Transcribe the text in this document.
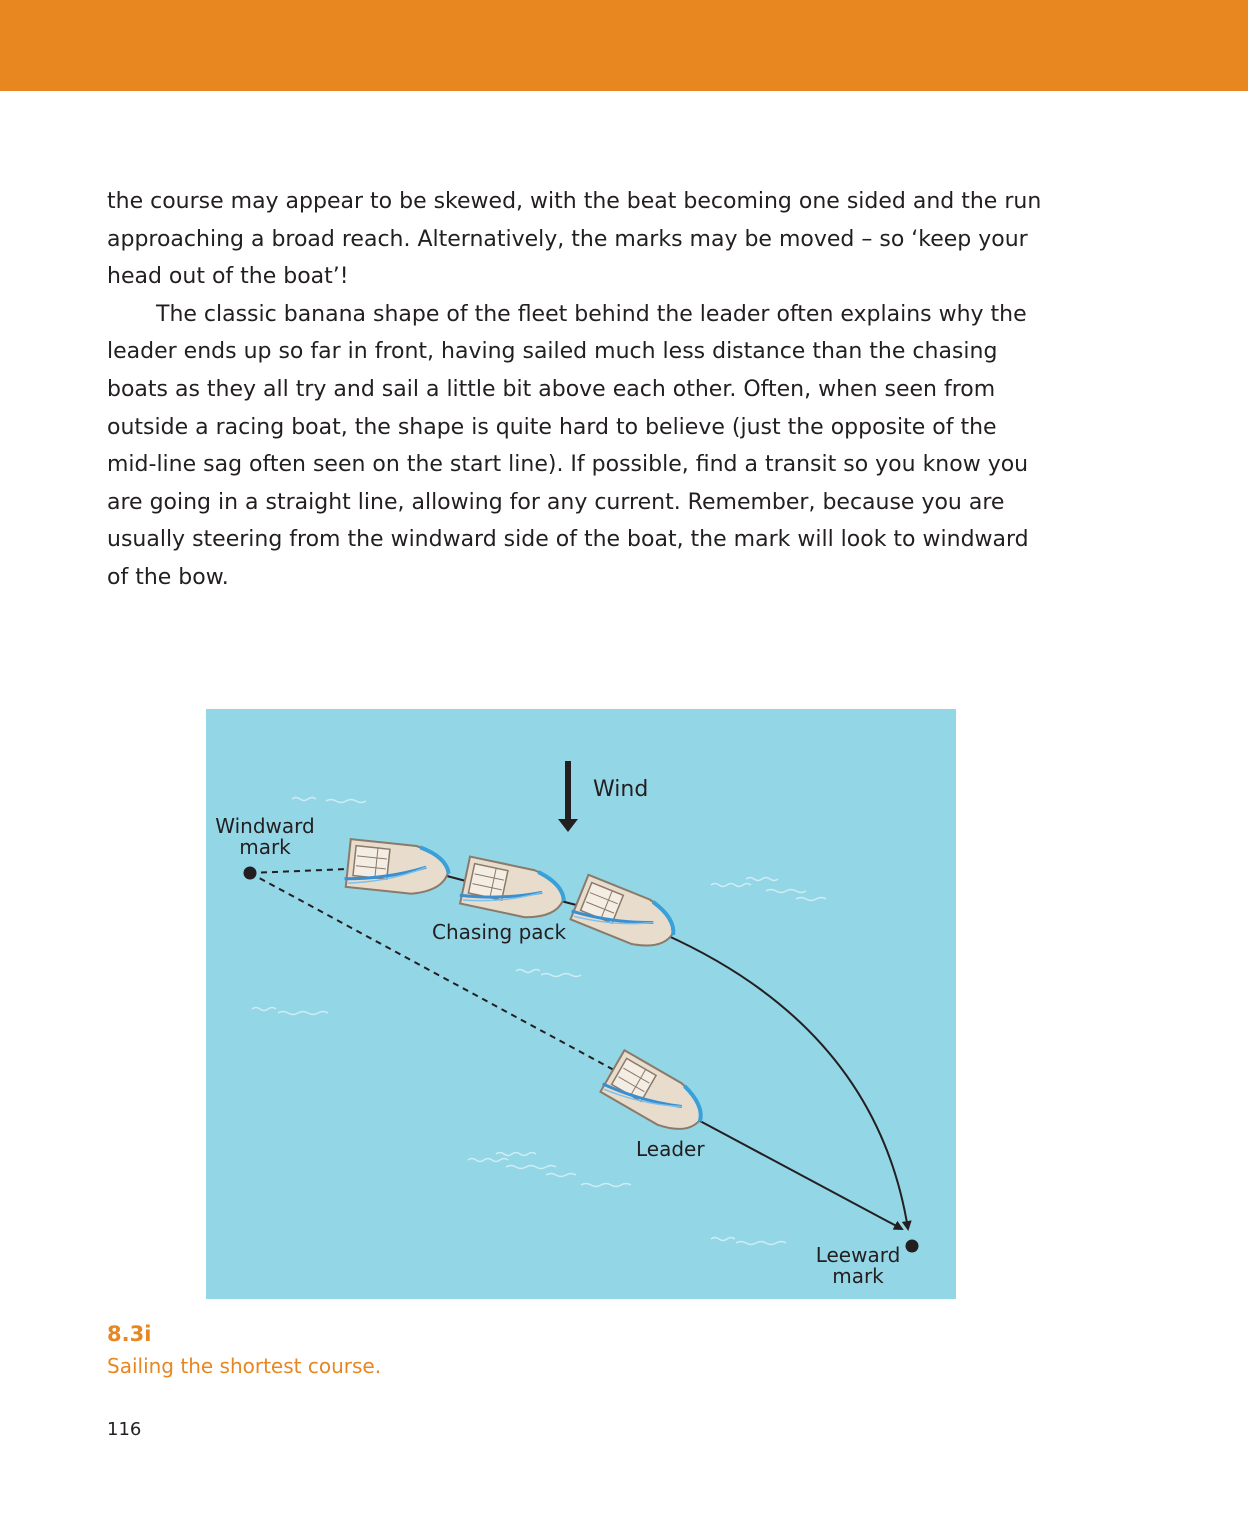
the course may appear to be skewed, with the beat becoming one sided and the run approaching a broad reach. Alternatively, the marks may be moved – so ‘keep your head out of the boat’!

The classic banana shape of the fleet behind the leader often explains why the leader ends up so far in front, having sailed much less distance than the chasing boats as they all try and sail a little bit above each other. Often, when seen from outside a racing boat, the shape is quite hard to believe (just the opposite of the mid-line sag often seen on the start line). If possible, find a transit so you know you are going in a straight line, allowing for any current. Remember, because you are usually steering from the windward side of the boat, the mark will look to windward of the bow.

Wind
Windward
mark
Leeward
mark
Chasing pack
Leader
8.3i
Sailing the shortest course.
116
